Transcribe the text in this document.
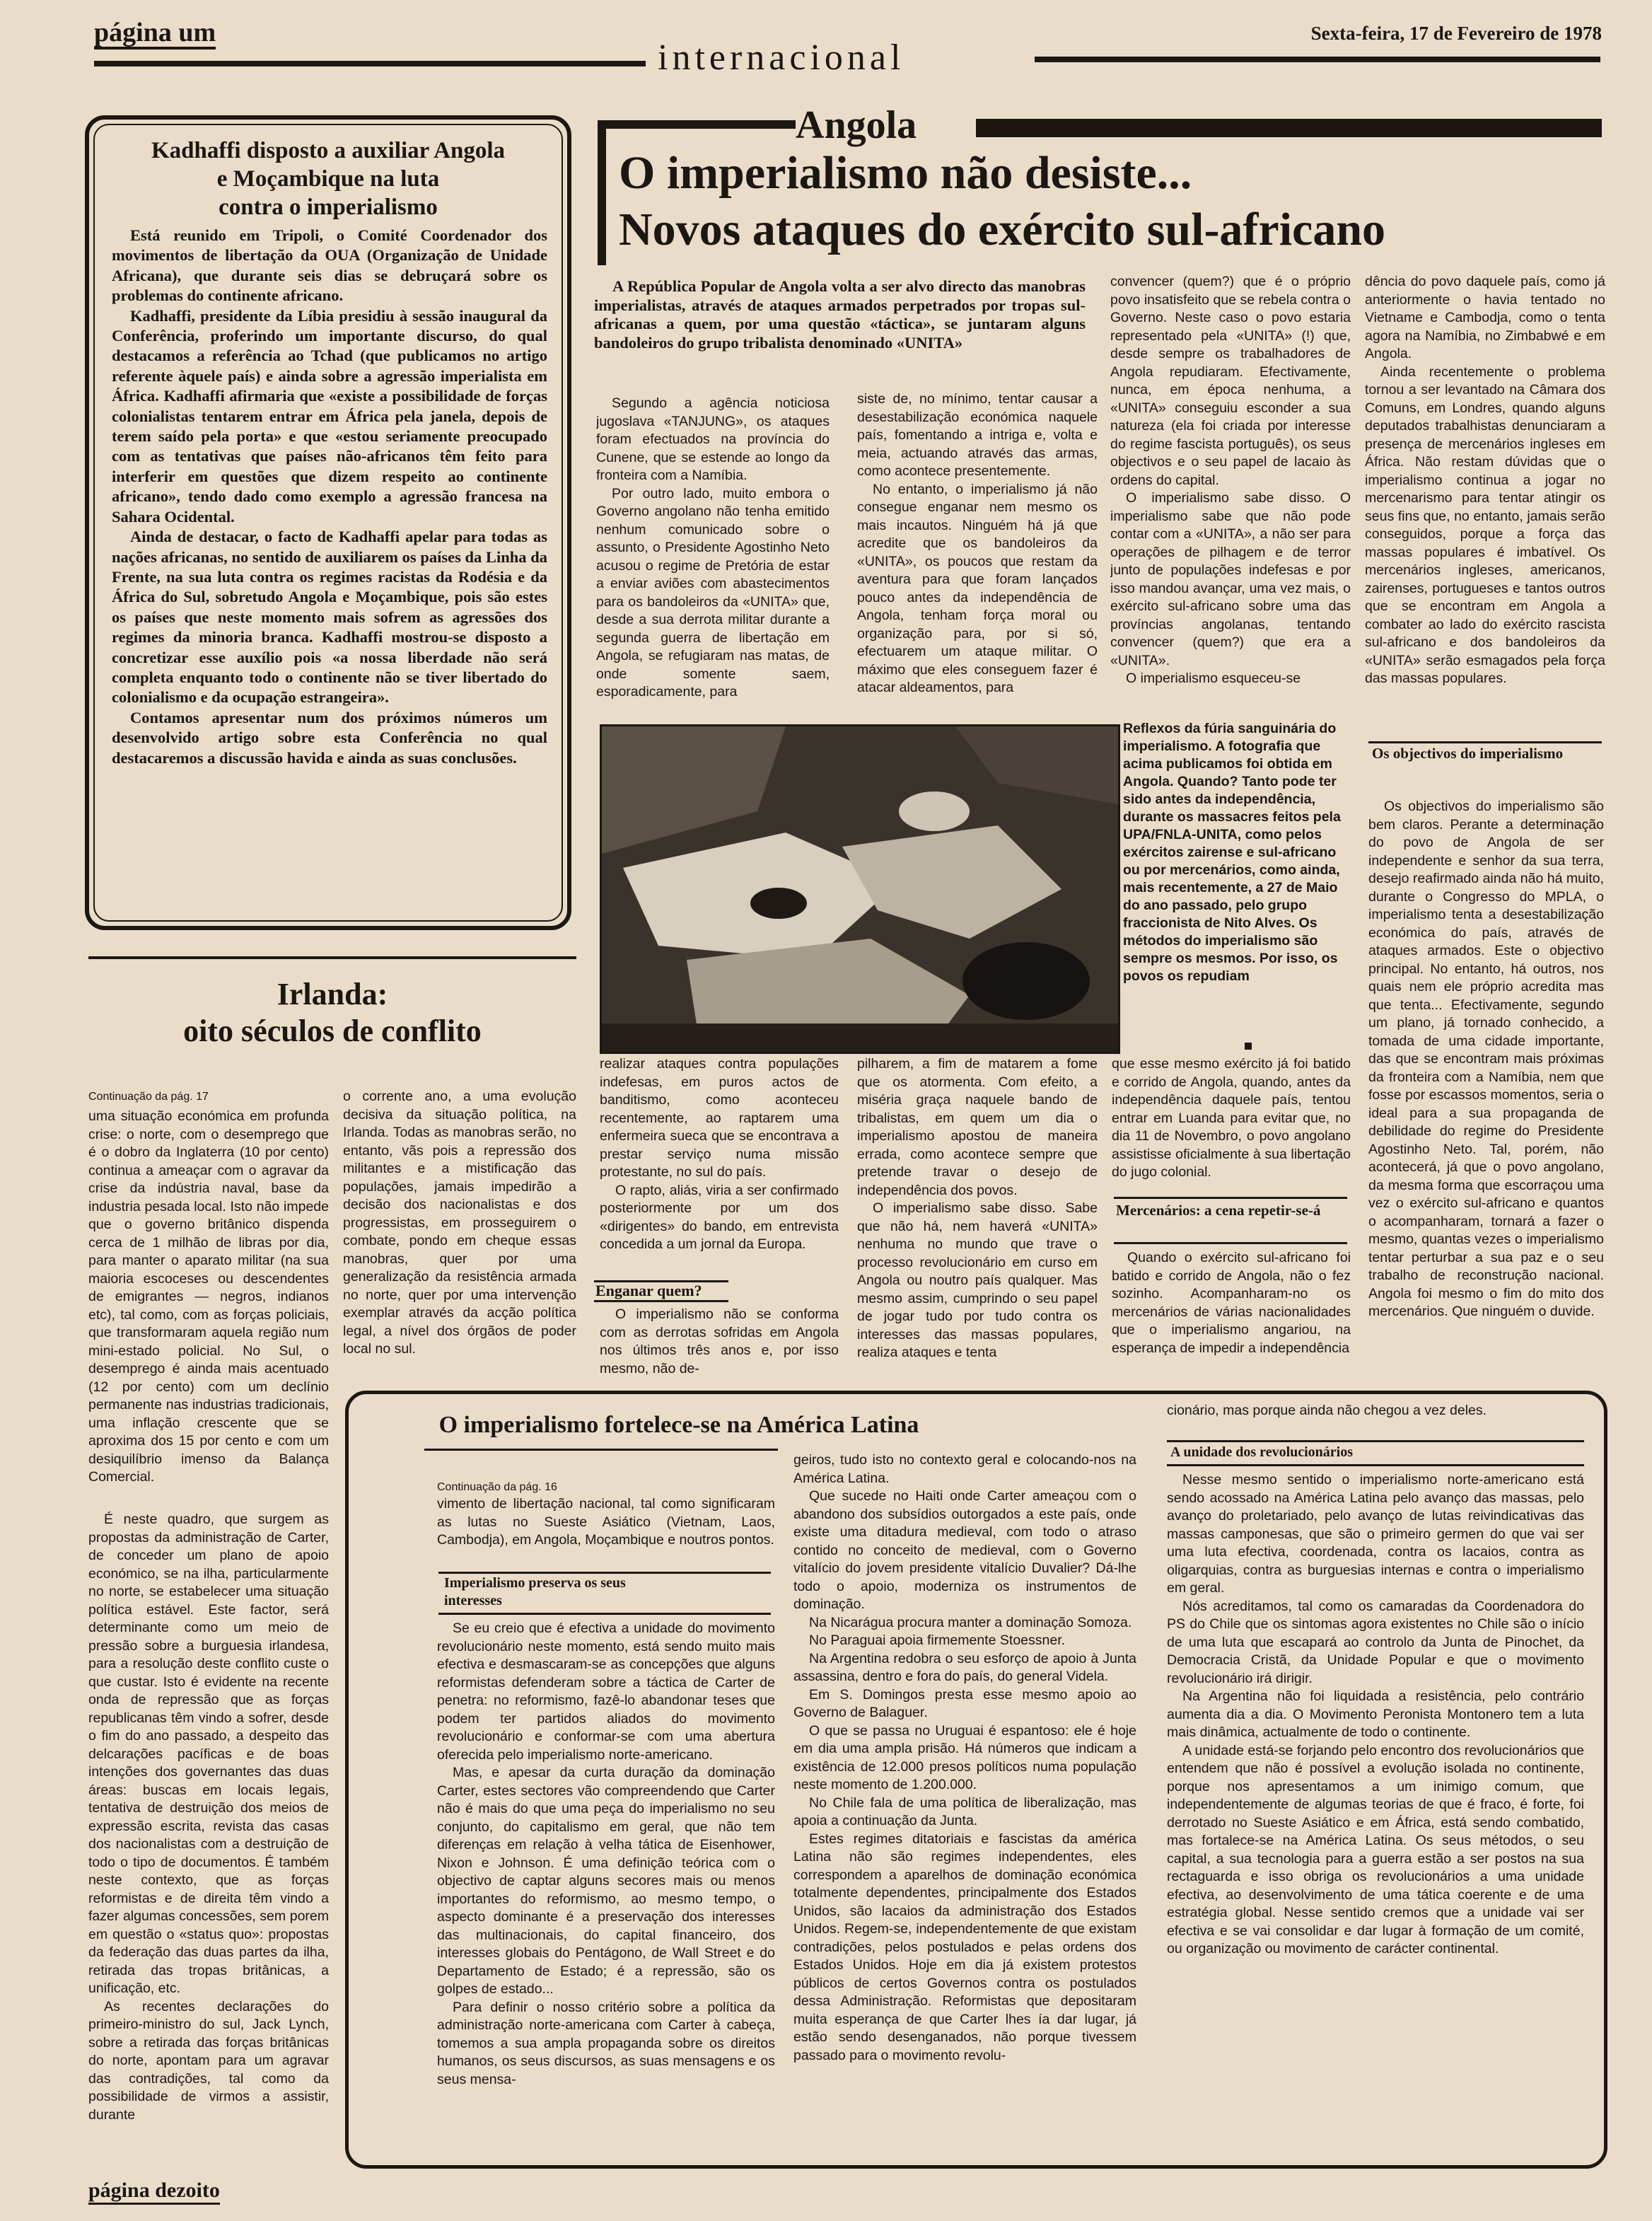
página um	Sexta-feira, 17 de Fevereiro de 1978
internacional
Kadhaffi disposto a auxiliar Angola
e Moçambique na luta
contra o imperialismo

Está reunido em Tripoli, o Comité Coordenador dos movimentos de libertação da OUA (Organização de Unidade Africana), que durante seis dias se debruçará sobre os problemas do continente africano.

Kadhaffi, presidente da Líbia presidiu à sessão inaugural da Conferência, proferindo um importante discurso, do qual destacamos a referência ao Tchad (que publicamos no artigo referente àquele país) e ainda sobre a agressão imperialista em África. Kadhaffi afirmaria que «existe a possibilidade de forças colonialistas tentarem entrar em África pela janela, depois de terem saído pela porta» e que «estou seriamente preocupado com as tentativas que países não-africanos têm feito para interferir em questões que dizem respeito ao continente africano», tendo dado como exemplo a agressão francesa na Sahara Ocidental.

Ainda de destacar, o facto de Kadhaffi apelar para todas as nações africanas, no sentido de auxiliarem os países da Linha da Frente, na sua luta contra os regimes racistas da Rodésia e da África do Sul, sobretudo Angola e Moçambique, pois são estes os países que neste momento mais sofrem as agressões dos regimes da minoria branca. Kadhaffi mostrou-se disposto a concretizar esse auxílio pois «a nossa liberdade não será completa enquanto todo o continente não se tiver libertado do colonialismo e da ocupação estrangeira».

Contamos apresentar num dos próximos números um desenvolvido artigo sobre esta Conferência no qual destacaremos a discussão havida e ainda as suas conclusões.

Irlanda:
oito séculos de conflito
Continuação da pág. 17

uma situação económica em profunda crise: o norte, com o desemprego que é o dobro da Inglaterra (10 por cento) continua a ameaçar com o agravar da crise da indústria naval, base da industria pesada local. Isto não impede que o governo britânico dispenda cerca de 1 milhão de libras por dia, para manter o aparato militar (na sua maioria escoceses ou descendentes de emigrantes — negros, indianos etc), tal como, com as forças policiais, que transformaram aquela região num mini-estado policial. No Sul, o desemprego é ainda mais acentuado (12 por cento) com um declínio permanente nas industrias tradicionais, uma inflação crescente que se aproxima dos 15 por cento e com um desiquilíbrio imenso da Balança Comercial.

o corrente ano, a uma evolução decisiva da situação política, na Irlanda. Todas as manobras serão, no entanto, vãs pois a repressão dos militantes e a mistificação das populações, jamais impedirão a decisão dos nacionalistas e dos progressistas, em prosseguirem o combate, pondo em cheque essas manobras, quer por uma generalização da resistência armada no norte, quer por uma intervenção exemplar através da acção política legal, a nível dos órgãos de poder local no sul.

É neste quadro, que surgem as propostas da administração de Carter, de conceder um plano de apoio económico, se na ilha, particularmente no norte, se estabelecer uma situação política estável. Este factor, será determinante como um meio de pressão sobre a burguesia irlandesa, para a resolução deste conflito custe o que custar. Isto é evidente na recente onda de repressão que as forças republicanas têm vindo a sofrer, desde o fim do ano passado, a despeito das delcarações pacíficas e de boas intenções dos governantes das duas áreas: buscas em locais legais, tentativa de destruição dos meios de expressão escrita, revista das casas dos nacionalistas com a destruição de todo o tipo de documentos. É também neste contexto, que as forças reformistas e de direita têm vindo a fazer algumas concessões, sem porem em questão o «status quo»: propostas da federação das duas partes da ilha, retirada das tropas britânicas, a unificação, etc.

As recentes declarações do primeiro-ministro do sul, Jack Lynch, sobre a retirada das forças britânicas do norte, apontam para um agravar das contradições, tal como da possibilidade de virmos a assistir, durante

Angola
O imperialismo não desiste...
Novos ataques do exército sul-africano

A República Popular de Angola volta a ser alvo directo das manobras imperialistas, através de ataques armados perpetrados por tropas sul-africanas a quem, por uma questão «táctica», se juntaram alguns bandoleiros do grupo tribalista denominado «UNITA»

Segundo a agência noticiosa jugoslava «TANJUNG», os ataques foram efectuados na província do Cunene, que se estende ao longo da fronteira com a Namíbia.

Por outro lado, muito embora o Governo angolano não tenha emitido nenhum comunicado sobre o assunto, o Presidente Agostinho Neto acusou o regime de Pretória de estar a enviar aviões com abastecimentos para os bandoleiros da «UNITA» que, desde a sua derrota militar durante a segunda guerra de libertação em Angola, se refugiaram nas matas, de onde somente saem, esporadicamente, para

siste de, no mínimo, tentar causar a desestabilização económica naquele país, fomentando a intriga e, volta e meia, actuando através das armas, como acontece presentemente.

No entanto, o imperialismo já não consegue enganar nem mesmo os mais incautos. Ninguém há já que acredite que os bandoleiros da «UNITA», os poucos que restam da aventura para que foram lançados pouco antes da independência de Angola, tenham força moral ou organização para, por si só, efectuarem um ataque militar. O máximo que eles conseguem fazer é atacar aldeamentos, para

convencer (quem?) que é o próprio povo insatisfeito que se rebela contra o Governo. Neste caso o povo estaria representado pela «UNITA» (!) que, desde sempre os trabalhadores de Angola repudiaram. Efectivamente, nunca, em época nenhuma, a «UNITA» conseguiu esconder a sua natureza (ela foi criada por interesse do regime fascista português), os seus objectivos e o seu papel de lacaio às ordens do capital.

O imperialismo sabe disso. O imperialismo sabe que não pode contar com a «UNITA», a não ser para operações de pilhagem e de terror junto de populações indefesas e por isso mandou avançar, uma vez mais, o exército sul-africano sobre uma das províncias angolanas, tentando convencer (quem?) que era a «UNITA».

O imperialismo esqueceu-se

dência do povo daquele país, como já anteriormente o havia tentado no Vietname e Cambodja, como o tenta agora na Namíbia, no Zimbabwé e em Angola.

Ainda recentemente o problema tornou a ser levantado na Câmara dos Comuns, em Londres, quando alguns deputados trabalhistas denunciaram a presença de mercenários ingleses em África. Não restam dúvidas que o imperialismo continua a jogar no mercenarismo para tentar atingir os seus fins que, no entanto, jamais serão conseguidos, porque a força das massas populares é imbatível. Os mercenários ingleses, americanos, zairenses, portugueses e tantos outros que se encontram em Angola a combater ao lado do exército rascista sul-africano e dos bandoleiros da «UNITA» serão esmagados pela força das massas populares.

Reflexos da fúria sanguinária do imperialismo. A fotografia que acima publicamos foi obtida em Angola. Quando? Tanto pode ter sido antes da independência, durante os massacres feitos pela UPA/FNLA-UNITA, como pelos exércitos zairense e sul-africano ou por mercenários, como ainda, mais recentemente, a 27 de Maio do ano passado, pelo grupo fraccionista de Nito Alves. Os métodos do imperialismo são sempre os mesmos. Por isso, os povos os repudiam
Os objectivos do imperialismo

Os objectivos do imperialismo são bem claros. Perante a determinação do povo de Angola de ser independente e senhor da sua terra, desejo reafirmado ainda não há muito, durante o Congresso do MPLA, o imperialismo tenta a desestabilização económica do país, através de ataques armados. Este o objectivo principal. No entanto, há outros, nos quais nem ele próprio acredita mas que tenta... Efectivamente, segundo um plano, já tornado conhecido, a tomada de uma cidade importante, das que se encontram mais próximas da fronteira com a Namíbia, nem que fosse por escassos momentos, seria o ideal para a sua propaganda de debilidade do regime do Presidente Agostinho Neto. Tal, porém, não acontecerá, já que o povo angolano, da mesma forma que escorraçou uma vez o exército sul-africano e quantos o acompanharam, tornará a fazer o mesmo, quantas vezes o imperialismo tentar perturbar a sua paz e o seu trabalho de reconstrução nacional. Angola foi mesmo o fim do mito dos mercenários. Que ninguém o duvide.

realizar ataques contra populações indefesas, em puros actos de banditismo, como aconteceu recentemente, ao raptarem uma enfermeira sueca que se encontrava a prestar serviço numa missão protestante, no sul do país.

O rapto, aliás, viria a ser confirmado posteriormente por um dos «dirigentes» do bando, em entrevista concedida a um jornal da Europa.

Enganar quem?

O imperialismo não se conforma com as derrotas sofridas em Angola nos últimos três anos e, por isso mesmo, não de-

pilharem, a fim de matarem a fome que os atormenta. Com efeito, a miséria graça naquele bando de tribalistas, em quem um dia o imperialismo apostou de maneira errada, como acontece sempre que pretende travar o desejo de independência dos povos.

O imperialismo sabe disso. Sabe que não há, nem haverá «UNITA» nenhuma no mundo que trave o processo revolucionário em curso em Angola ou noutro país qualquer. Mas mesmo assim, cumprindo o seu papel de jogar tudo por tudo contra os interesses das massas populares, realiza ataques e tenta

que esse mesmo exército já foi batido e corrido de Angola, quando, antes da independência daquele país, tentou entrar em Luanda para evitar que, no dia 11 de Novembro, o povo angolano assistisse oficialmente à sua libertação do jugo colonial.

Mercenários: a cena repetir-se-á

Quando o exército sul-africano foi batido e corrido de Angola, não o fez sozinho. Acompanharam-no os mercenários de várias nacionalidades que o imperialismo angariou, na esperança de impedir a independência

O imperialismo fortelece-se na América Latina
Continuação da pág. 16

vimento de libertação nacional, tal como significaram as lutas no Sueste Asiático (Vietnam, Laos, Cambodja), em Angola, Moçambique e noutros pontos.

Imperialismo preserva os seus interesses

Se eu creio que é efectiva a unidade do movimento revolucionário neste momento, está sendo muito mais efectiva e desmascaram-se as concepções que alguns reformistas defenderam sobre a táctica de Carter de penetra: no reformismo, fazê-lo abandonar teses que podem ter partidos aliados do movimento revolucionário e conformar-se com uma abertura oferecida pelo imperialismo norte-americano.

Mas, e apesar da curta duração da dominação Carter, estes sectores vão compreendendo que Carter não é mais do que uma peça do imperialismo no seu conjunto, do capitalismo em geral, que não tem diferenças em relação à velha tática de Eisenhower, Nixon e Johnson. É uma definição teórica com o objectivo de captar alguns secores mais ou menos importantes do reformismo, ao mesmo tempo, o aspecto dominante é a preservação dos interesses das multinacionais, do capital financeiro, dos interesses globais do Pentágono, de Wall Street e do Departamento de Estado; é a repressão, são os golpes de estado...

Para definir o nosso critério sobre a política da administração norte-americana com Carter à cabeça, tomemos a sua ampla propaganda sobre os direitos humanos, os seus discursos, as suas mensagens e os seus mensa-

geiros, tudo isto no contexto geral e colocando-nos na América Latina.

Que sucede no Haiti onde Carter ameaçou com o abandono dos subsídios outorgados a este país, onde existe uma ditadura medieval, com todo o atraso contido no conceito de medieval, com o Governo vitalício do jovem presidente vitalício Duvalier? Dá-lhe todo o apoio, moderniza os instrumentos de dominação.

Na Nicarágua procura manter a dominação Somoza.

No Paraguai apoia firmemente Stoessner.

Na Argentina redobra o seu esforço de apoio à Junta assassina, dentro e fora do país, do general Videla.

Em S. Domingos presta esse mesmo apoio ao Governo de Balaguer.

O que se passa no Uruguai é espantoso: ele é hoje em dia uma ampla prisão. Há números que indicam a existência de 12.000 presos políticos numa população neste momento de 1.200.000.

No Chile fala de uma política de liberalização, mas apoia a continuação da Junta.

Estes regimes ditatoriais e fascistas da américa Latina não são regimes independentes, eles correspondem a aparelhos de dominação económica totalmente dependentes, principalmente dos Estados Unidos, são lacaios da administração dos Estados Unidos. Regem-se, independentemente de que existam contradições, pelos postulados e pelas ordens dos Estados Unidos. Hoje em dia já existem protestos públicos de certos Governos contra os postulados dessa Administração. Reformistas que depositaram muita esperança de que Carter lhes ía dar lugar, já estão sendo desenganados, não porque tivessem passado para o movimento revolu-

cionário, mas porque ainda não chegou a vez deles.

A unidade dos revolucionários

Nesse mesmo sentido o imperialismo norte-americano está sendo acossado na América Latina pelo avanço das massas, pelo avanço do proletariado, pelo avanço de lutas reivindicativas das massas camponesas, que são o primeiro germen do que vai ser uma luta efectiva, coordenada, contra os lacaios, contra as oligarquias, contra as burguesias internas e contra o imperialismo em geral.

Nós acreditamos, tal como os camaradas da Coordenadora do PS do Chile que os sintomas agora existentes no Chile são o início de uma luta que escapará ao controlo da Junta de Pinochet, da Democracia Cristã, da Unidade Popular e que o movimento revolucionário irá dirigir.

Na Argentina não foi liquidada a resistência, pelo contrário aumenta dia a dia. O Movimento Peronista Montonero tem a luta mais dinâmica, actualmente de todo o continente.

A unidade está-se forjando pelo encontro dos revolucionários que entendem que não é possível a evolução isolada no continente, porque nos apresentamos a um inimigo comum, que independentemente de algumas teorias de que é fraco, é forte, foi derrotado no Sueste Asiático e em África, está sendo combatido, mas fortalece-se na América Latina. Os seus métodos, o seu capital, a sua tecnologia para a guerra estão a ser postos na sua rectaguarda e isso obriga os revolucionários a uma unidade efectiva, ao desenvolvimento de uma tática coerente e de uma estratégia global. Nesse sentido cremos que a unidade vai ser efectiva e se vai consolidar e dar lugar à formação de um comité, ou organização ou movimento de carácter continental.

página dezoito
